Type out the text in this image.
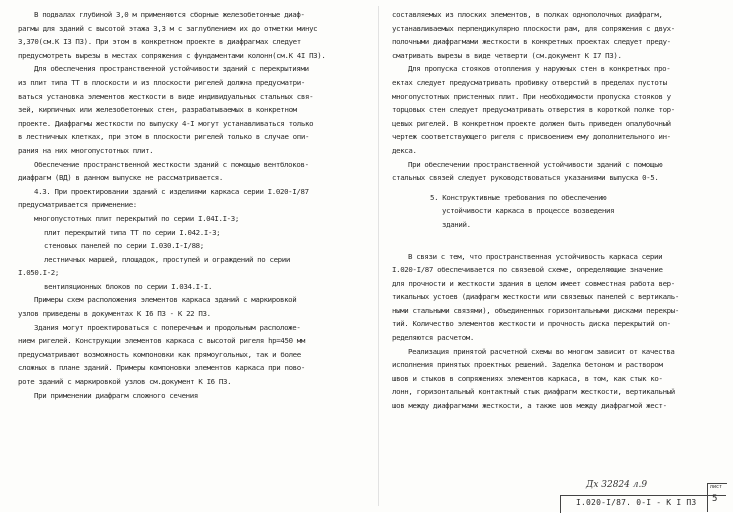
В подвалах глубиной 3,0 м применяются сборные железобетонные диаф-
рагмы для зданий с высотой этажа 3,3 м с заглублением их до отметки минус
3,370(см.К I3 ПЗ). При этом в конкретном проекте в диафрагмах следует
предусмотреть вырезы в местах сопряжения с фундаментами колонн(см.К 4I ПЗ).
Для обеспечения пространственной устойчивости зданий с перекрытиями
из плит типа ТТ в плоскости и из плоскости ригелей должна предусматри-
ваться установка элементов жесткости в виде индивидуальных стальных свя-
зей, кирпичных или железобетонных стен, разрабатываемых в конкретном
проекте. Диафрагмы жесткости по выпуску 4-I могут устанавливаться только
в лестничных клетках, при этом в плоскости ригелей только в случае опи-
рания на них многопустотных плит.
Обеспечение пространственной жесткости зданий с помощью вентблоков-
диафрагм (ВД) в данном выпуске не рассматривается.
4.3. При проектировании зданий с изделиями каркаса серии I.020-I/87
предусматривается применение:
многопустотных плит перекрытий по серии I.04I.I-3;
плит перекрытий типа ТТ по серии I.042.I-3;
стеновых панелей по серии I.030.I-I/88;
лестничных маршей, площадок, проступей и ограждений по серии
I.050.I-2;
вентиляционных блоков по серии I.034.I-I.
Примеры схем расположения элементов каркаса зданий с маркировкой
узлов приведены в документах К I6 ПЗ - К 22 ПЗ.
Здания могут проектироваться с поперечным и продольным расположе-
нием ригелей. Конструкции элементов каркаса с высотой ригеля hр=450 мм
предусматривают возможность компоновки как прямоугольных, так и более
сложных в плане зданий. Примеры компоновки элементов каркаса при пово-
роте зданий с маркировкой узлов см.документ К I6 ПЗ.
При применении диафрагм сложного сечения
составляемых из плоских элементов, в полках однополочных диафрагм,
устанавливаемых перпендикулярно плоскости рам, для сопряжения с двух-
полочными диафрагмами жесткости в конкретных проектах следует преду-
сматривать вырезы в виде четверти (см.документ К I7 ПЗ).
Для пропуска стояков отопления у наружных стен в конкретных про-
ектах следует предусматривать пробивку отверстий в пределах пустоты
многопустотных пристенных плит. При необходимости пропуска стояков у
торцовых стен следует предусматривать отверстия в короткой полке тор-
цевых ригелей. В конкретном проекте должен быть приведен опалубочный
чертеж соответствующего ригеля с присвоением ему дополнительного ин-
декса.
При обеспечении пространственной устойчивости зданий с помощью
стальных связей следует руководствоваться указаниями выпуска 0-5.
5. Конструктивные требования по обеспечению
устойчивости каркаса в процессе возведения
зданий.
В связи с тем, что пространственная устойчивость каркаса серии
I.020-I/87 обеспечивается по связевой схеме, определяющие значение
для прочности и жесткости здания в целом имеет совместная работа вер-
тикальных устоев (диафрагм жесткости или связевых панелей с вертикаль-
ными стальными связями), объединенных горизонтальными дисками перекры-
тий. Количество элементов жесткости и прочность диска перекрытий оп-
ределяются расчетом.
Реализация принятой расчетной схемы во многом зависит от качества
исполнения принятых проектных решений. Заделка бетоном и раствором
швов и стыков в сопряжениях элементов каркаса, в том, как стык ко-
лонн, горизонтальный контактный стык диафрагм жесткости, вертикальный
шов между диафрагмами жесткости, а также шов между диафрагмой жест-
Дх 32824 л.9
I.020-I/87. 0-I - К I ПЗ
лист
5
